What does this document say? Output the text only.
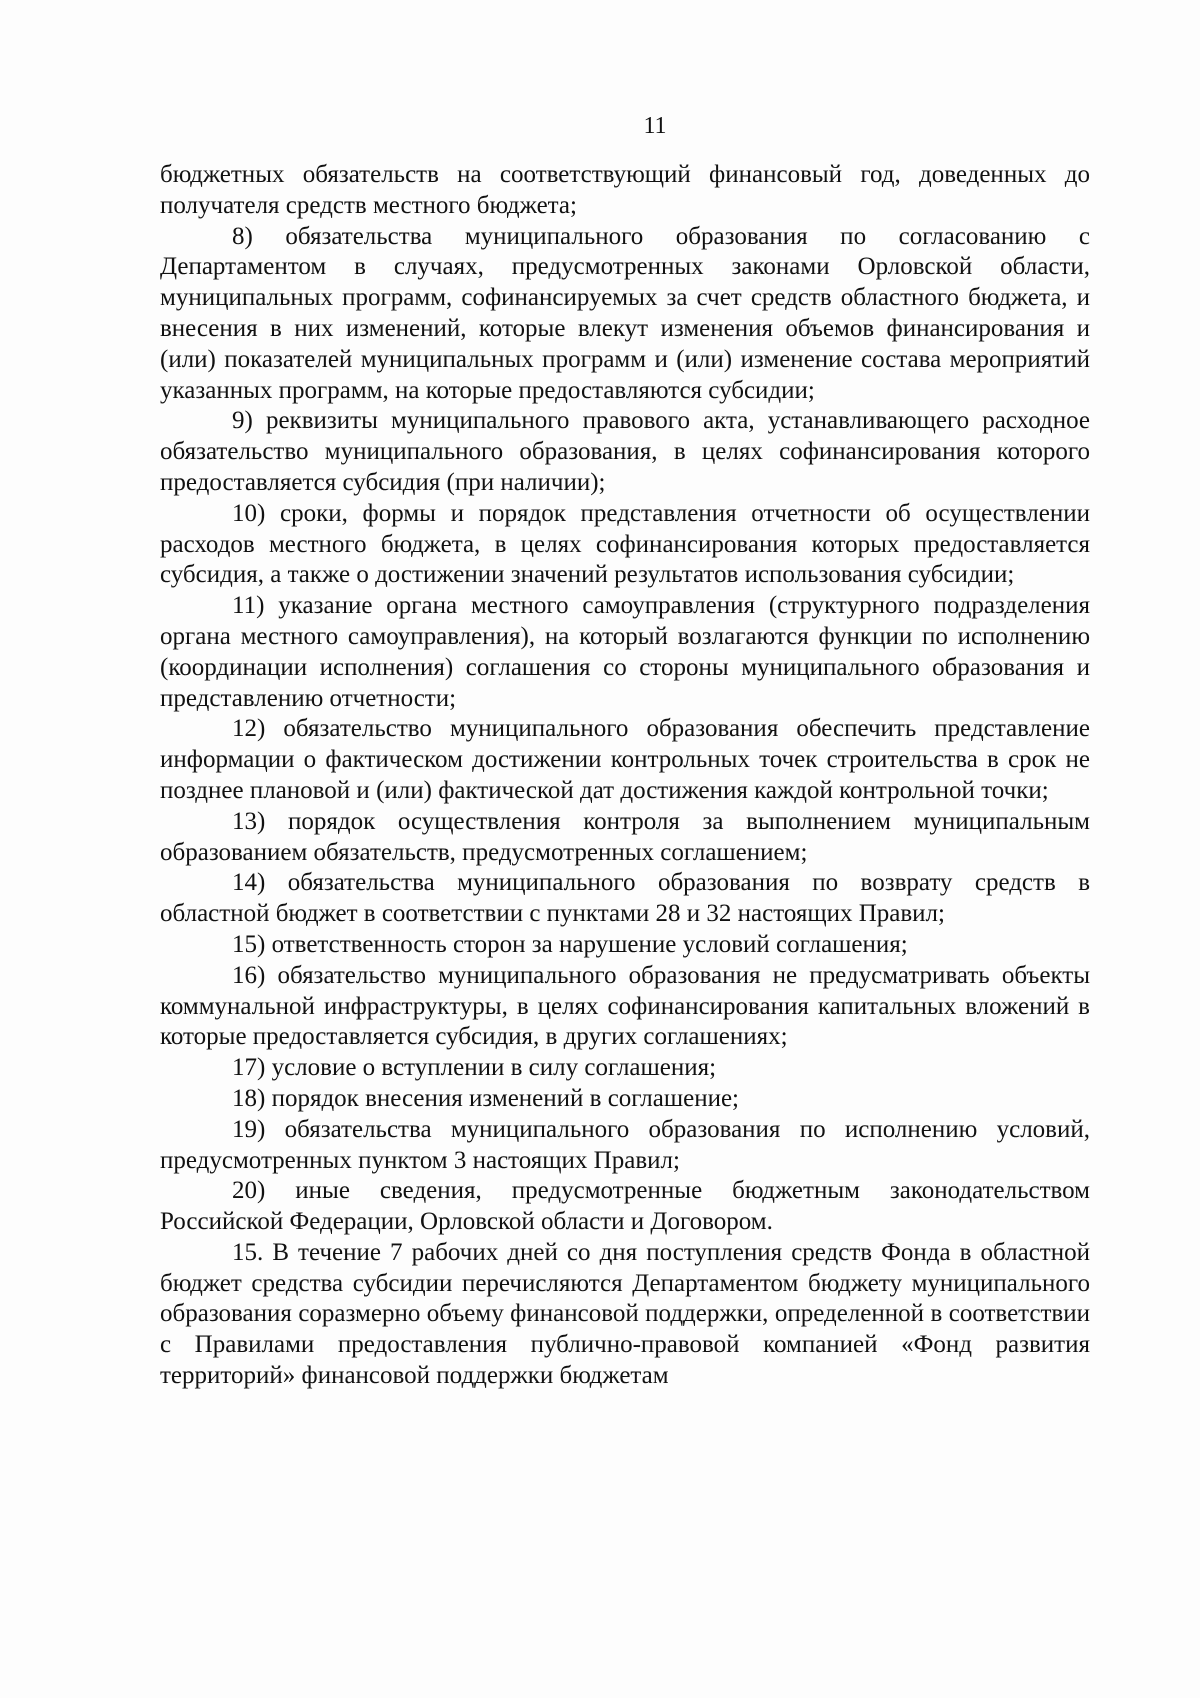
11

бюджетных обязательств на соответствующий финансовый год, доведенных до получателя средств местного бюджета;

8) обязательства муниципального образования по согласованию с Департаментом в случаях, предусмотренных законами Орловской области, муниципальных программ, софинансируемых за счет средств областного бюджета, и внесения в них изменений, которые влекут изменения объемов финансирования и (или) показателей муниципальных программ и (или) изменение состава мероприятий указанных программ, на которые предоставляются субсидии;

9) реквизиты муниципального правового акта, устанавливающего расходное обязательство муниципального образования, в целях софинансирования которого предоставляется субсидия (при наличии);

10) сроки, формы и порядок представления отчетности об осуществлении расходов местного бюджета, в целях софинансирования которых предоставляется субсидия, а также о достижении значений результатов использования субсидии;

11) указание органа местного самоуправления (структурного подразделения органа местного самоуправления), на который возлагаются функции по исполнению (координации исполнения) соглашения со стороны муниципального образования и представлению отчетности;

12) обязательство муниципального образования обеспечить представление информации о фактическом достижении контрольных точек строительства в срок не позднее плановой и (или) фактической дат достижения каждой контрольной точки;

13) порядок осуществления контроля за выполнением муниципальным образованием обязательств, предусмотренных соглашением;

14) обязательства муниципального образования по возврату средств в областной бюджет в соответствии с пунктами 28 и 32 настоящих Правил;

15) ответственность сторон за нарушение условий соглашения;

16) обязательство муниципального образования не предусматривать объекты коммунальной инфраструктуры, в целях софинансирования капитальных вложений в которые предоставляется субсидия, в других соглашениях;

17) условие о вступлении в силу соглашения;

18) порядок внесения изменений в соглашение;

19) обязательства муниципального образования по исполнению условий, предусмотренных пунктом 3 настоящих Правил;

20) иные сведения, предусмотренные бюджетным законодательством Российской Федерации, Орловской области и Договором.

15. В течение 7 рабочих дней со дня поступления средств Фонда в областной бюджет средства субсидии перечисляются Департаментом бюджету муниципального образования соразмерно объему финансовой поддержки, определенной в соответствии с Правилами предоставления публично-правовой компанией «Фонд развития территорий» финансовой поддержки бюджетам
